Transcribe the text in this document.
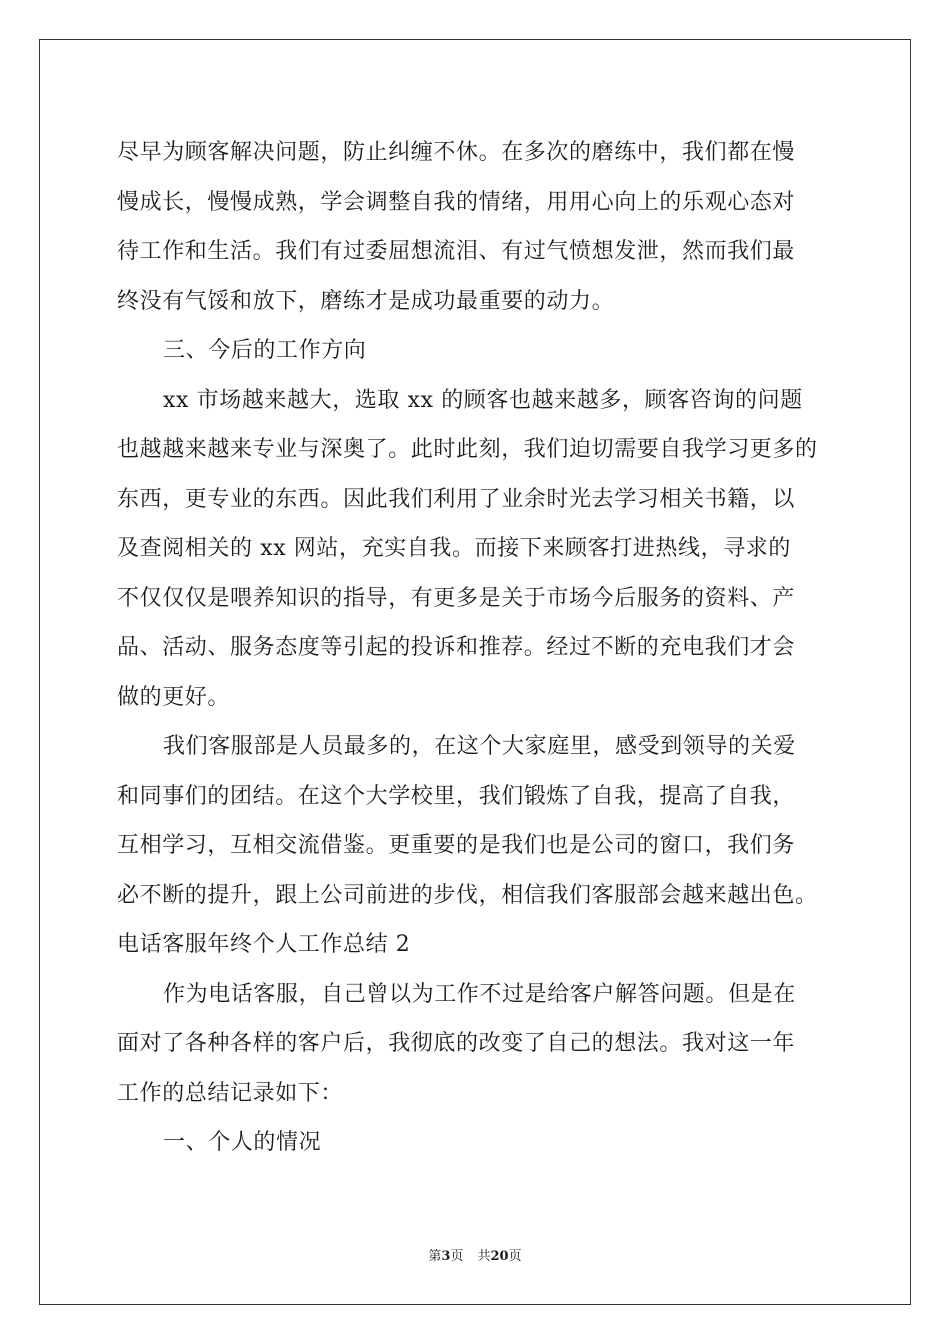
尽早为顾客解决问题，防止纠缠不休。在多次的磨练中，我们都在慢
慢成长，慢慢成熟，学会调整自我的情绪，用用心向上的乐观心态对
待工作和生活。我们有过委屈想流泪、有过气愤想发泄，然而我们最
终没有气馁和放下，磨练才是成功最重要的动力。
三、今后的工作方向
xx 市场越来越大，选取 xx 的顾客也越来越多，顾客咨询的问题
也越越来越来专业与深奥了。此时此刻，我们迫切需要自我学习更多的
东西，更专业的东西。因此我们利用了业余时光去学习相关书籍，以
及查阅相关的 xx 网站，充实自我。而接下来顾客打进热线，寻求的
不仅仅仅是喂养知识的指导，有更多是关于市场今后服务的资料、产
品、活动、服务态度等引起的投诉和推荐。经过不断的充电我们才会
做的更好。
我们客服部是人员最多的，在这个大家庭里，感受到领导的关爱
和同事们的团结。在这个大学校里，我们锻炼了自我，提高了自我，
互相学习，互相交流借鉴。更重要的是我们也是公司的窗口，我们务
必不断的提升，跟上公司前进的步伐，相信我们客服部会越来越出色。
电话客服年终个人工作总结 2
作为电话客服，自己曾以为工作不过是给客户解答问题。但是在
面对了各种各样的客户后，我彻底的改变了自己的想法。我对这一年
工作的总结记录如下：
一、个人的情况
第3页 共20页
